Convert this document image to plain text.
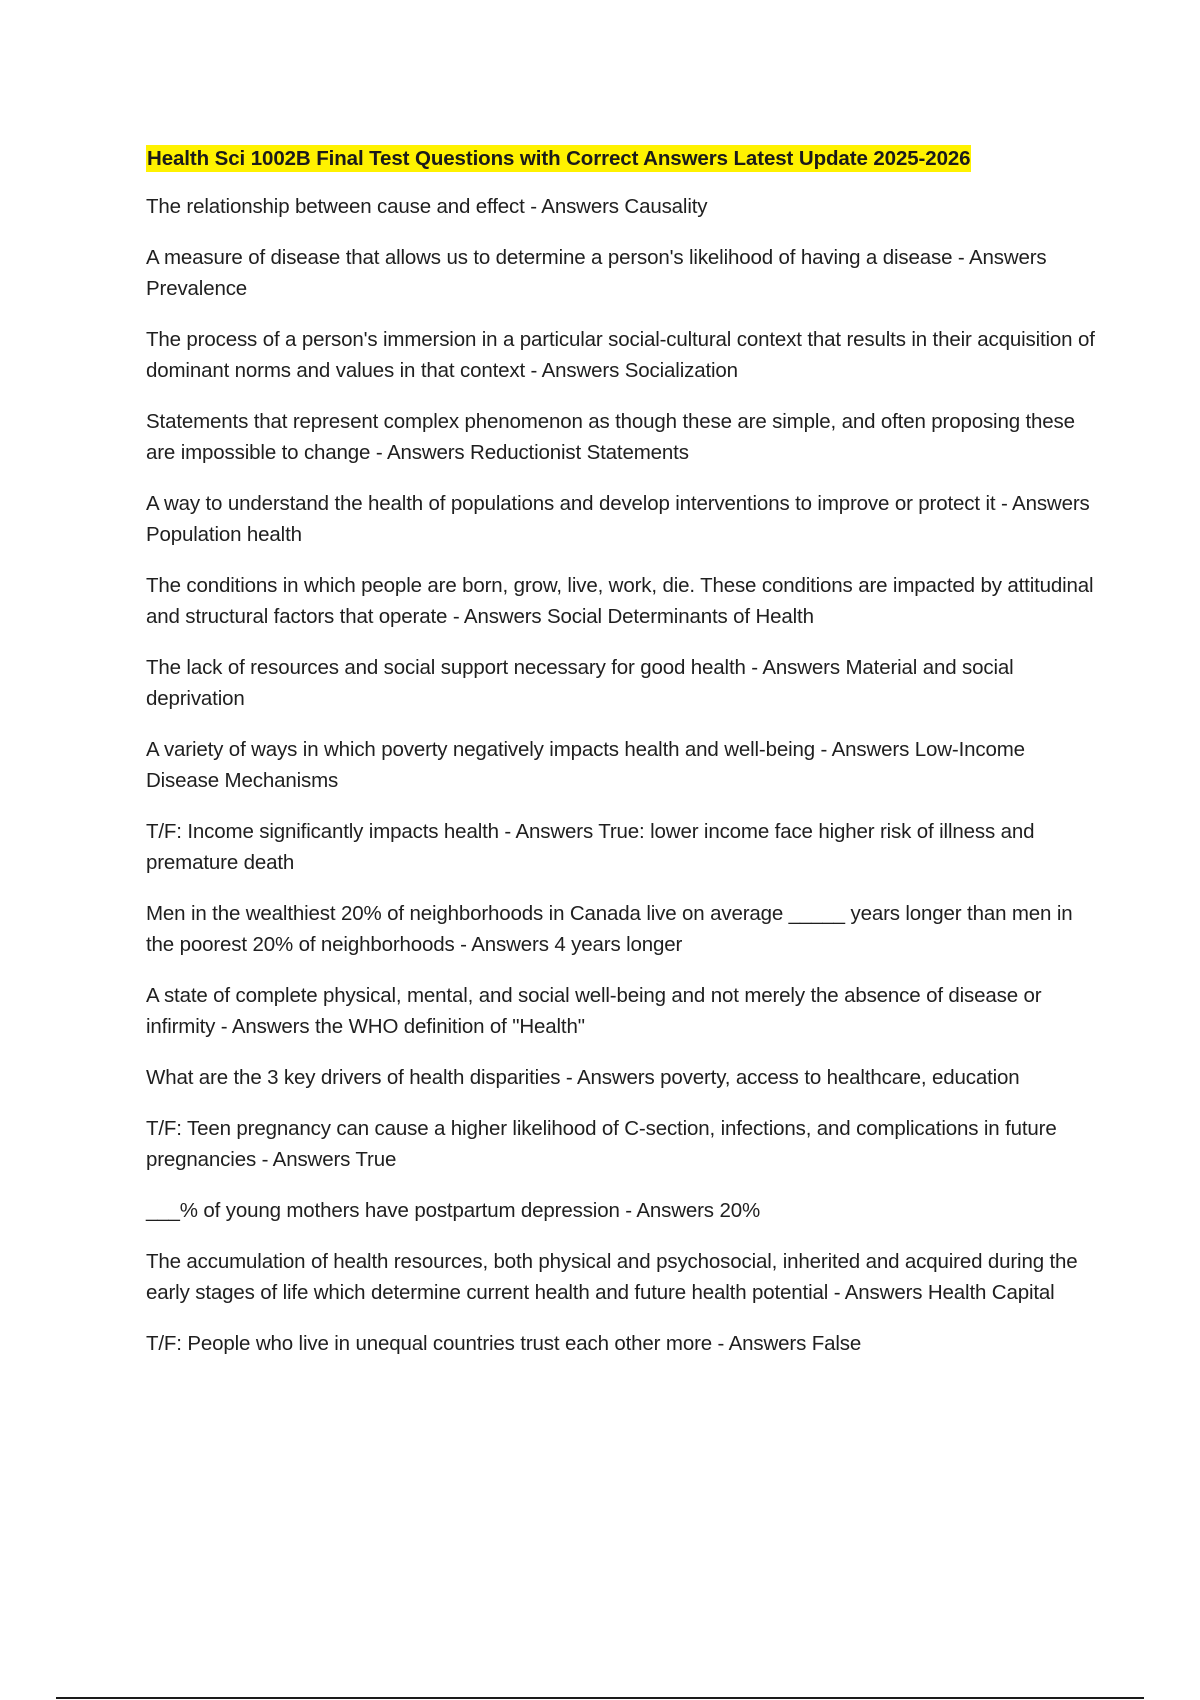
Health Sci 1002B Final Test Questions with Correct Answers Latest Update 2025-2026

The relationship between cause and effect - Answers Causality

A measure of disease that allows us to determine a person's likelihood of having a disease - Answers Prevalence

The process of a person's immersion in a particular social-cultural context that results in their acquisition of dominant norms and values in that context - Answers Socialization

Statements that represent complex phenomenon as though these are simple, and often proposing these are impossible to change - Answers Reductionist Statements

A way to understand the health of populations and develop interventions to improve or protect it - Answers Population health

The conditions in which people are born, grow, live, work, die. These conditions are impacted by attitudinal and structural factors that operate - Answers Social Determinants of Health

The lack of resources and social support necessary for good health - Answers Material and social deprivation

A variety of ways in which poverty negatively impacts health and well-being - Answers Low-Income Disease Mechanisms

T/F: Income significantly impacts health - Answers True: lower income face higher risk of illness and premature death

Men in the wealthiest 20% of neighborhoods in Canada live on average _____ years longer than men in the poorest 20% of neighborhoods - Answers 4 years longer

A state of complete physical, mental, and social well-being and not merely the absence of disease or infirmity - Answers the WHO definition of "Health"

What are the 3 key drivers of health disparities - Answers poverty, access to healthcare, education

T/F: Teen pregnancy can cause a higher likelihood of C-section, infections, and complications in future pregnancies - Answers True

___% of young mothers have postpartum depression - Answers 20%

The accumulation of health resources, both physical and psychosocial, inherited and acquired during the early stages of life which determine current health and future health potential - Answers Health Capital

T/F: People who live in unequal countries trust each other more - Answers False
